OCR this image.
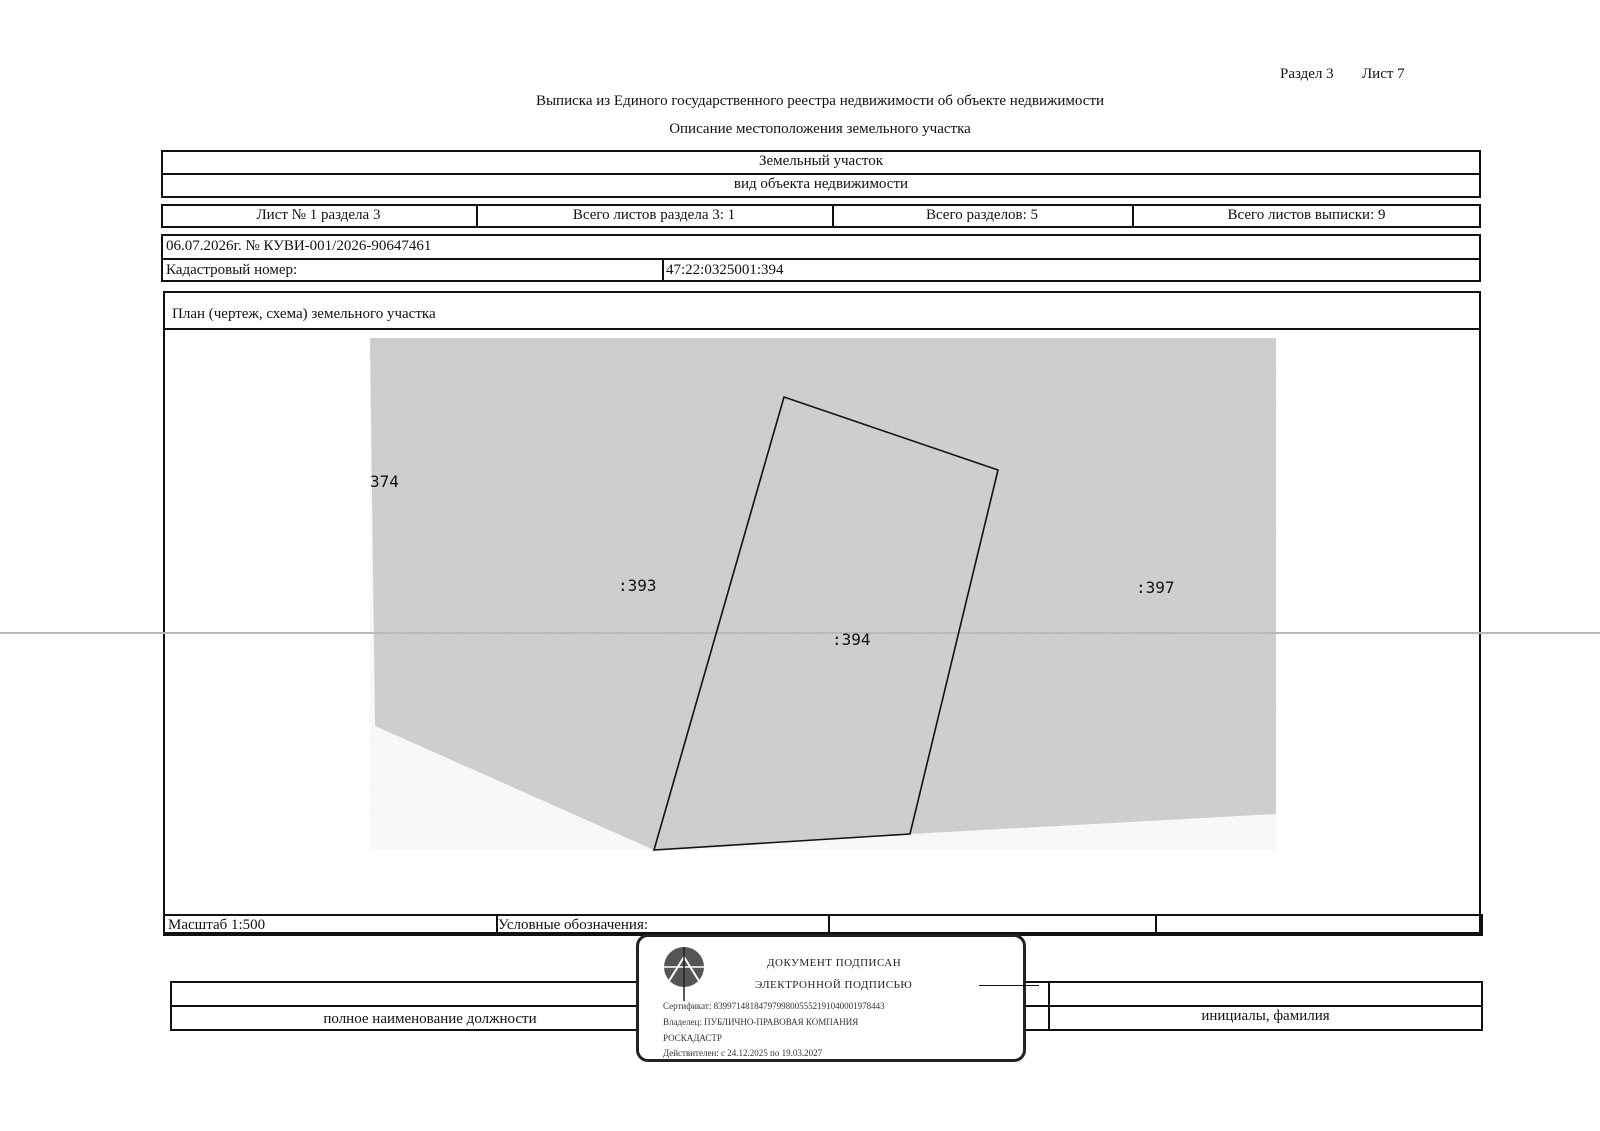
Раздел 3 Лист 7
Выписка из Единого государственного реестра недвижимости об объекте недвижимости
Описание местоположения земельного участка
Земельный участок
вид объекта недвижимости
Лист № 1 раздела 3	Всего листов раздела 3: 1	Всего разделов: 5	Всего листов выписки: 9
06.07.2026г. № КУВИ-001/2026-90647461
Кадастровый номер:	47:22:0325001:394
План (чертеж, схема) земельного участка
374
:393
:394
:397
Масштаб 1:500	Условные обозначения:
полное наименование должности	инициалы, фамилия
ДОКУМЕНТ ПОДПИСАН
ЭЛЕКТРОННОЙ ПОДПИСЬЮ
Сертификат: 839971481847979980055521910400019784​43
Владелец: ПУБЛИЧНО-ПРАВОВАЯ КОМПАНИЯ
РОСКАДАСТР
Действителен: с 24.12.2025 по 19.03.2027
